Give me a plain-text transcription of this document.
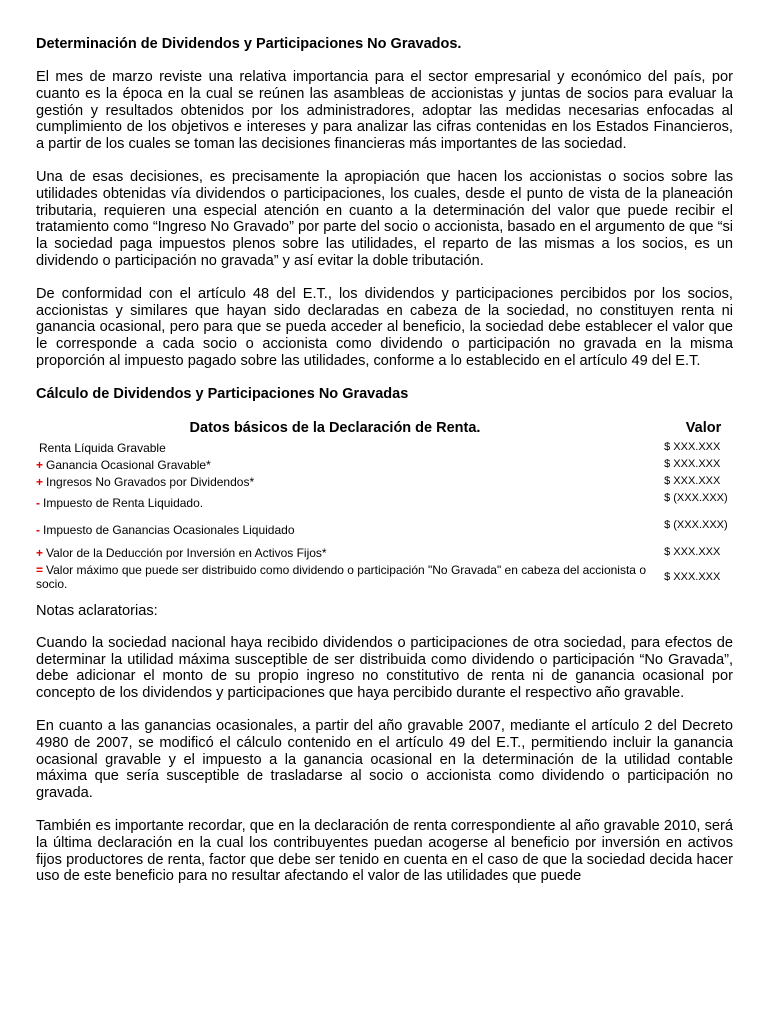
Determinación de Dividendos y Participaciones No Gravados.

El mes de marzo reviste una relativa importancia para el sector empresarial y económico del país, por cuanto es la época en la cual se reúnen las asambleas de accionistas y juntas de socios para evaluar la gestión y resultados obtenidos por los administradores, adoptar las medidas necesarias enfocadas al cumplimiento de los objetivos e intereses y para analizar las cifras contenidas en los Estados Financieros, a partir de los cuales se toman las decisiones financieras más importantes de las sociedad.

Una de esas decisiones, es precisamente la apropiación que hacen los accionistas o socios sobre las utilidades obtenidas vía dividendos o participaciones, los cuales, desde el punto de vista de la planeación tributaria, requieren una especial atención en cuanto a la determinación del valor que puede recibir el tratamiento como “Ingreso No Gravado” por parte del socio o accionista, basado en el argumento de que “si la sociedad paga impuestos plenos sobre las utilidades, el reparto de las mismas a los socios, es un dividendo o participación no gravada” y así evitar la doble tributación.

De conformidad con el artículo 48 del E.T., los dividendos y participaciones percibidos por los socios, accionistas y similares que hayan sido declaradas en cabeza de la sociedad, no constituyen renta ni ganancia ocasional, pero para que se pueda acceder al beneficio, la sociedad debe establecer el valor que le corresponde a cada socio o accionista como dividendo o participación no gravada en la misma proporción al impuesto pagado sobre las utilidades, conforme a lo establecido en el artículo 49 del E.T.

Cálculo de Dividendos y Participaciones No Gravadas
Datos básicos de la Declaración de Renta.	Valor
Renta Líquida Gravable	$ XXX.XXX
+ Ganancia Ocasional Gravable*	$ XXX.XXX
+ Ingresos No Gravados por Dividendos*	$ XXX.XXX
- Impuesto de Renta Liquidado.	$ (XXX.XXX)
- Impuesto de Ganancias Ocasionales Liquidado	$ (XXX.XXX)
+ Valor de la Deducción por Inversión en Activos Fijos*	$ XXX.XXX
= Valor máximo que puede ser distribuido como dividendo o participación "No Gravada" en cabeza del accionista o socio.	$ XXX.XXX
Notas aclaratorias:

Cuando la sociedad nacional haya recibido dividendos o participaciones de otra sociedad, para efectos de determinar la utilidad máxima susceptible de ser distribuida como dividendo o participación “No Gravada”, debe adicionar el monto de su propio ingreso no constitutivo de renta ni de ganancia ocasional por concepto de los dividendos y participaciones que haya percibido durante el respectivo año gravable.

En cuanto a las ganancias ocasionales, a partir del año gravable 2007, mediante el artículo 2 del Decreto 4980 de 2007, se modificó el cálculo contenido en el artículo 49 del E.T., permitiendo incluir la ganancia ocasional gravable y el impuesto a la ganancia ocasional en la determinación de la utilidad contable máxima que sería susceptible de trasladarse al socio o accionista como dividendo o participación no gravada.

También es importante recordar, que en la declaración de renta correspondiente al año gravable 2010, será la última declaración en la cual los contribuyentes puedan acogerse al beneficio por inversión en activos fijos productores de renta, factor que debe ser tenido en cuenta en el caso de que la sociedad decida hacer uso de este beneficio para no resultar afectando el valor de las utilidades que puede
